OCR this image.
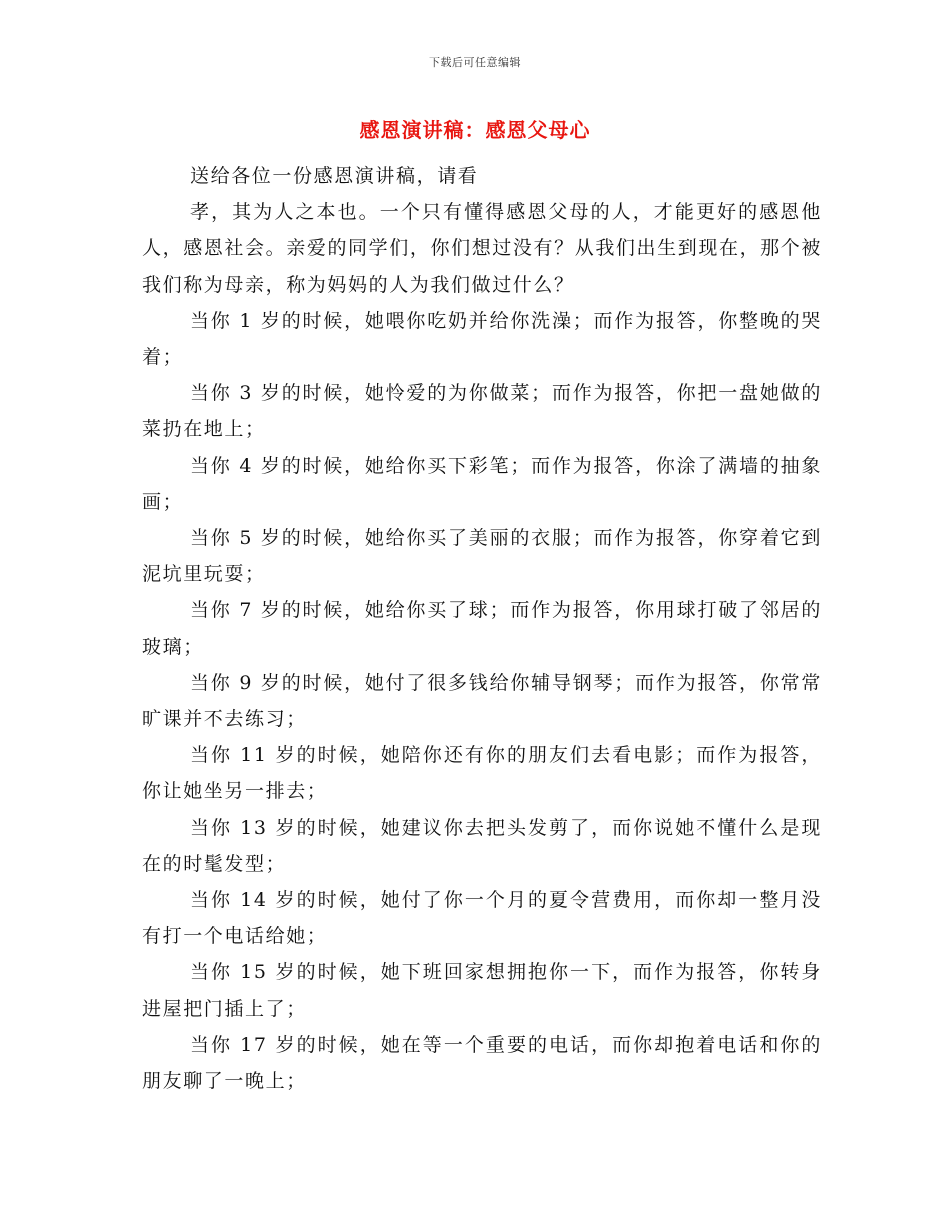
下载后可任意编辑
感恩演讲稿：感恩父母心

送给各位一份感恩演讲稿，请看

孝，其为人之本也。一个只有懂得感恩父母的人，才能更好的感恩他人，感恩社会。亲爱的同学们，你们想过没有？从我们出生到现在，那个被我们称为母亲，称为妈妈的人为我们做过什么？

当你 1 岁的时候，她喂你吃奶并给你洗澡；而作为报答，你整晚的哭着；

当你 3 岁的时候，她怜爱的为你做菜；而作为报答，你把一盘她做的菜扔在地上；

当你 4 岁的时候，她给你买下彩笔；而作为报答，你涂了满墙的抽象画；

当你 5 岁的时候，她给你买了美丽的衣服；而作为报答，你穿着它到泥坑里玩耍；

当你 7 岁的时候，她给你买了球；而作为报答，你用球打破了邻居的玻璃；

当你 9 岁的时候，她付了很多钱给你辅导钢琴；而作为报答，你常常旷课并不去练习；

当你 11 岁的时候，她陪你还有你的朋友们去看电影；而作为报答，你让她坐另一排去；

当你 13 岁的时候，她建议你去把头发剪了，而你说她不懂什么是现在的时髦发型；

当你 14 岁的时候，她付了你一个月的夏令营费用，而你却一整月没有打一个电话给她；

当你 15 岁的时候，她下班回家想拥抱你一下，而作为报答，你转身进屋把门插上了；

当你 17 岁的时候，她在等一个重要的电话，而你却抱着电话和你的朋友聊了一晚上；
